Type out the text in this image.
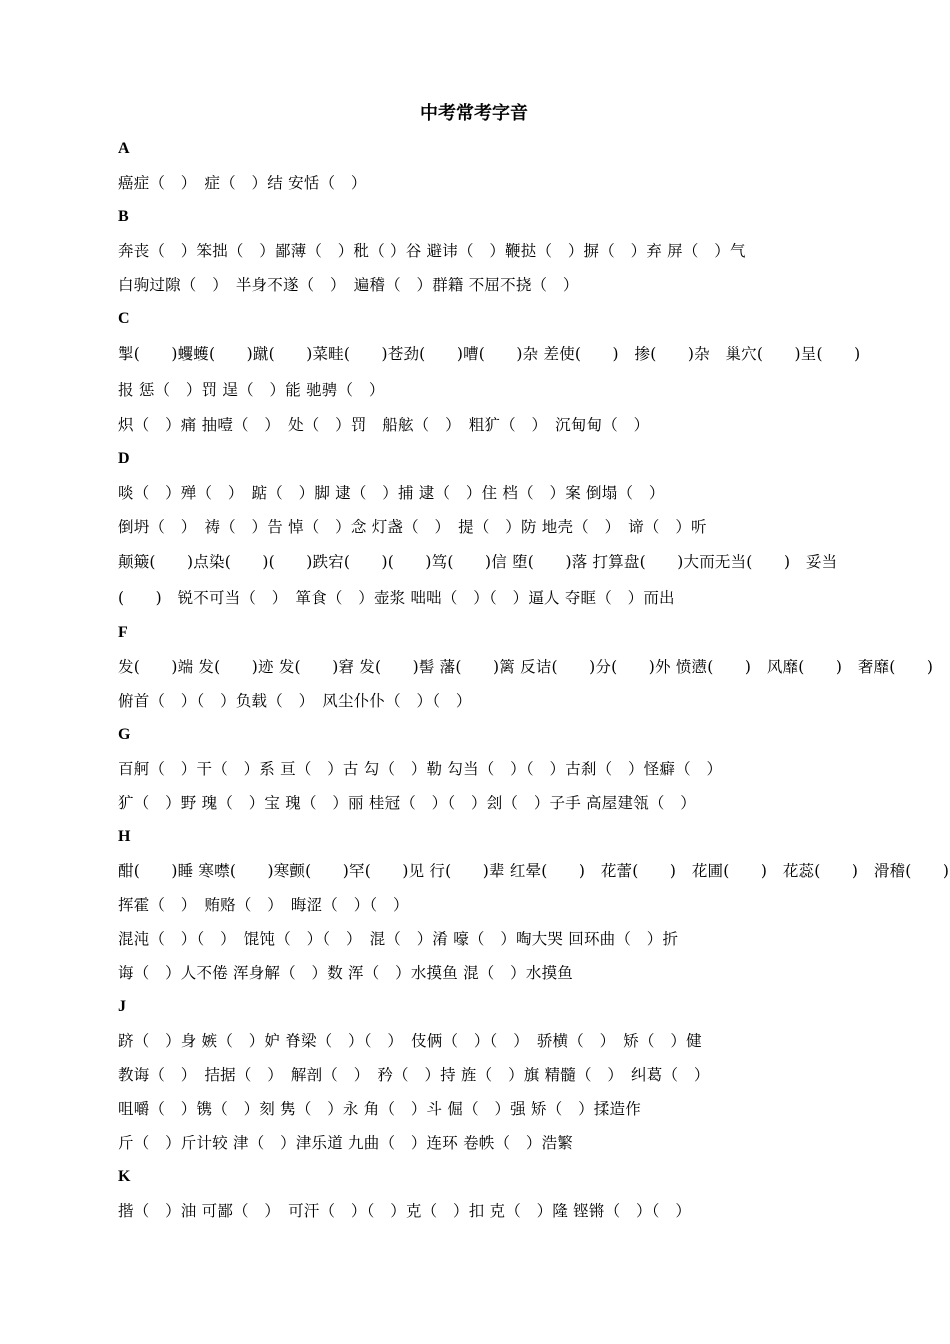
中考常考字音
A
癌症（　）　症（　）结 安恬（　）
B
奔丧（　）笨拙（　）鄙薄（　）秕（ ）谷 避讳（　）鞭挞（　）摒（　）弃 屏（　）气
白驹过隙（　）　半身不遂（　）　遍稽（　）群籍 不屈不挠（　）
C
掣(　　)蠼蠖(　　)蹴(　　)菜畦(　　)苍劲(　　)嘈(　　)杂 差使(　　)　掺(　　)杂　巢穴(　　)呈(　　)报 惩（　）罚 逞（　）能 驰骋（　）
炽（　）痛 抽噎（　）　处（　）罚　船舷（　）　粗犷（　）　沉甸甸（　）
D
啖（　）殚（　）　踮（　）脚 逮（　）捕 逮（　）住 档（　）案 倒塌（　）
倒坍（　）　祷（　）告 悼（　）念 灯盏（　）　提（　）防 地壳（　）　谛（　）听
颠簸(　　)点染(　　)(　　)跌宕(　　)(　　)笃(　　)信 堕(　　)落 打算盘(　　)大而无当(　　)　妥当(　　)　锐不可当（　）　箪食（　）壶浆 咄咄（　）（　）逼人 夺眶（　）而出
F
发(　　)端 发(　　)迹 发(　　)窘 发(　　)髻 藩(　　)篱 反诘(　　)分(　　)外 愤懑(　　)　风靡(　　)　奢靡(　　)
俯首（　）（　）负载（　）　风尘仆仆（　）（　）
G
百舸（　）干（　）系 亘（　）古 勾（　）勒 勾当（　）（　）古刹（　）怪癖（　）
犷（　）野 瑰（　）宝 瑰（　）丽 桂冠（　）（　）刽（　）子手 高屋建瓴（　）
H
酣(　　)睡 寒噤(　　)寒颤(　　)罕(　　)见 行(　　)辈 红晕(　　)　花蕾(　　)　花圃(　　)　花蕊(　　)　滑稽(　　)
挥霍（　）　贿赂（　）　晦涩（　）（　）
混沌（　）（　）　馄饨（　）（　）　混（　）淆 嚎（　）啕大哭 回环曲（　）折
诲（　）人不倦 浑身解（　）数 浑（　）水摸鱼 混（　）水摸鱼
J
跻（　）身 嫉（　）妒 脊梁（　）（　）　伎俩（　）（　）　骄横（　）　矫（　）健
教诲（　）　拮据（　）　解剖（　）　矜（　）持 旌（　）旗 精髓（　）　纠葛（　）
咀嚼（　）镌（　）刻 隽（　）永 角（　）斗 倔（　）强 矫（　）揉造作
斤（　）斤计较 津（　）津乐道 九曲（　）连环 卷帙（　）浩繁
K
揩（　）油 可鄙（　）　可汗（　）（　）克（　）扣 克（　）隆 铿锵（　）（　）
